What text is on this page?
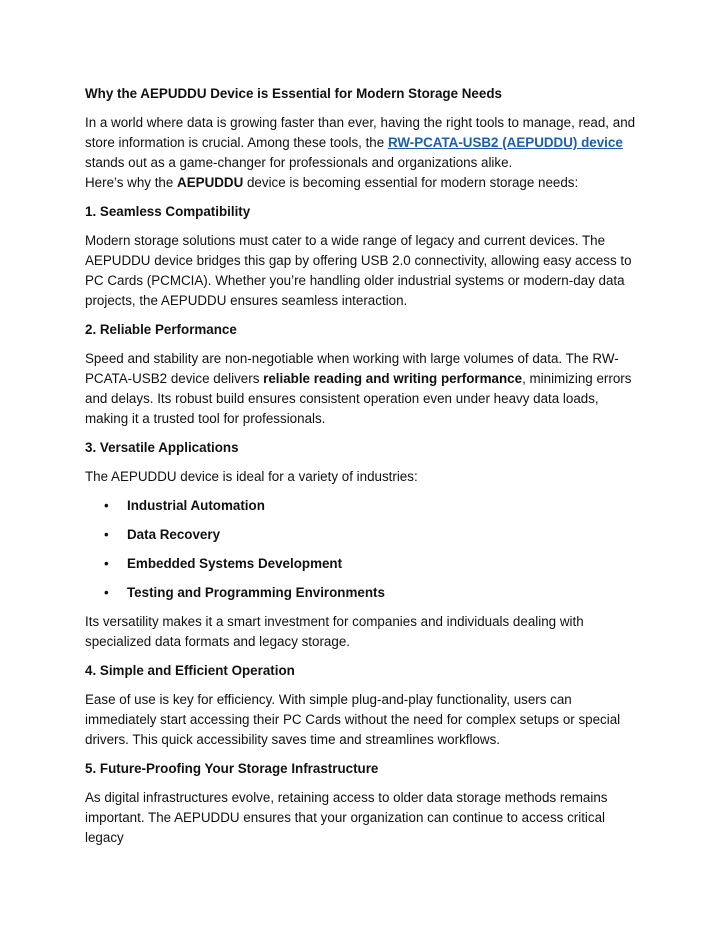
Why the AEPUDDU Device is Essential for Modern Storage Needs

In a world where data is growing faster than ever, having the right tools to manage, read, and store information is crucial. Among these tools, the RW-PCATA-USB2 (AEPUDDU) device stands out as a game-changer for professionals and organizations alike.
Here’s why the AEPUDDU device is becoming essential for modern storage needs:

1. Seamless Compatibility

Modern storage solutions must cater to a wide range of legacy and current devices. The AEPUDDU device bridges this gap by offering USB 2.0 connectivity, allowing easy access to PC Cards (PCMCIA). Whether you’re handling older industrial systems or modern-day data projects, the AEPUDDU ensures seamless interaction.

2. Reliable Performance

Speed and stability are non-negotiable when working with large volumes of data. The RW-PCATA-USB2 device delivers reliable reading and writing performance, minimizing errors and delays. Its robust build ensures consistent operation even under heavy data loads, making it a trusted tool for professionals.

3. Versatile Applications

The AEPUDDU device is ideal for a variety of industries:

• Industrial Automation
• Data Recovery
• Embedded Systems Development
• Testing and Programming Environments

Its versatility makes it a smart investment for companies and individuals dealing with specialized data formats and legacy storage.

4. Simple and Efficient Operation

Ease of use is key for efficiency. With simple plug-and-play functionality, users can immediately start accessing their PC Cards without the need for complex setups or special drivers. This quick accessibility saves time and streamlines workflows.

5. Future-Proofing Your Storage Infrastructure

As digital infrastructures evolve, retaining access to older data storage methods remains important. The AEPUDDU ensures that your organization can continue to access critical legacy
